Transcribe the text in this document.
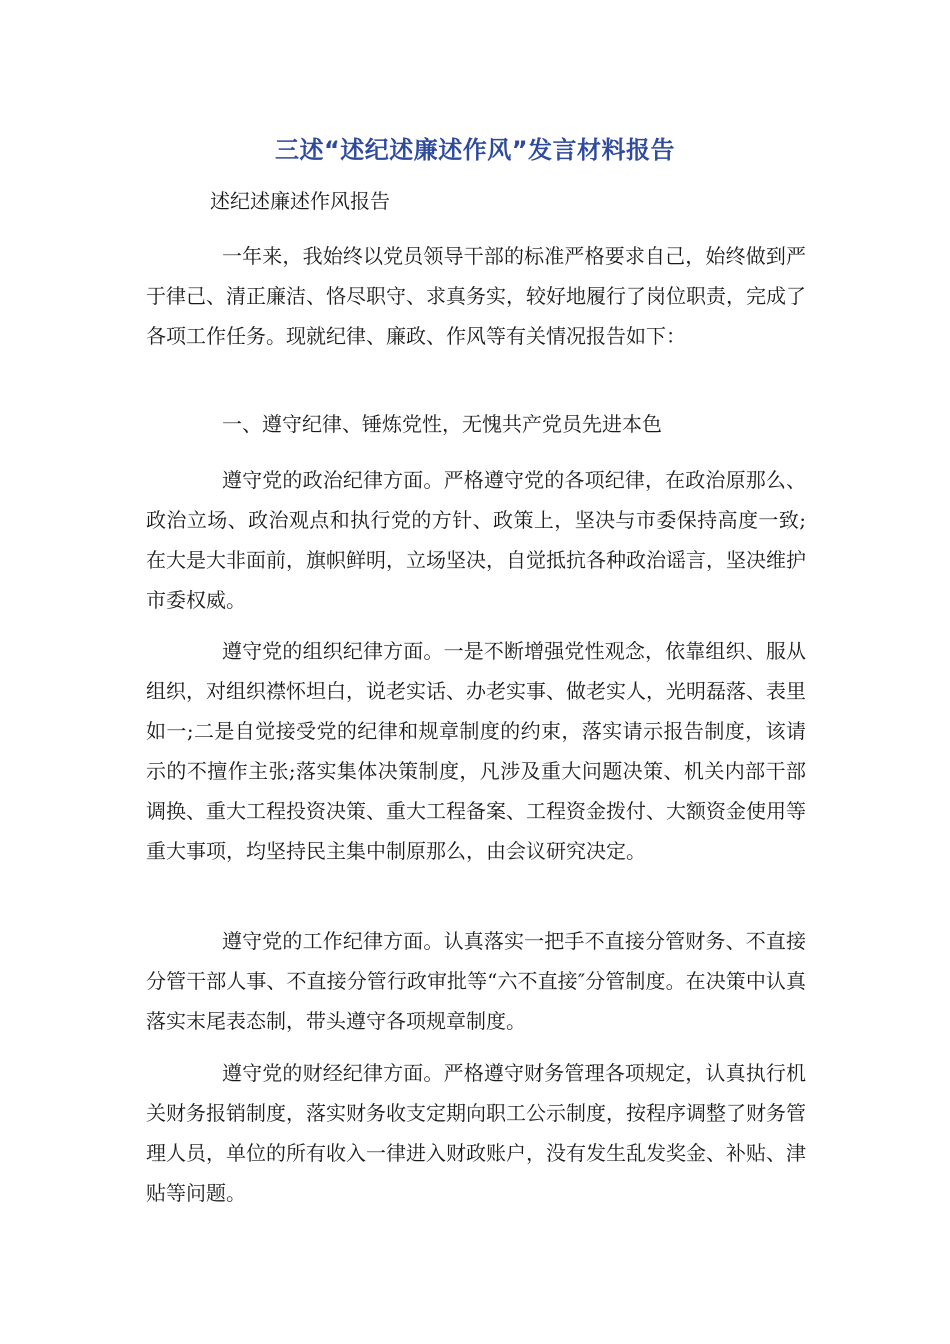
三述“述纪述廉述作风”发言材料报告
述纪述廉述作风报告

一年来，我始终以党员领导干部的标准严格要求自己，始终做到严于律己、清正廉洁、恪尽职守、求真务实，较好地履行了岗位职责，完成了各项工作任务。现就纪律、廉政、作风等有关情况报告如下：

一、遵守纪律、锤炼党性，无愧共产党员先进本色

遵守党的政治纪律方面。严格遵守党的各项纪律，在政治原那么、政治立场、政治观点和执行党的方针、政策上，坚决与市委保持高度一致;在大是大非面前，旗帜鲜明，立场坚决，自觉抵抗各种政治谣言，坚决维护市委权威。

遵守党的组织纪律方面。一是不断增强党性观念，依靠组织、服从组织，对组织襟怀坦白，说老实话、办老实事、做老实人，光明磊落、表里如一;二是自觉接受党的纪律和规章制度的约束，落实请示报告制度，该请示的不擅作主张;落实集体决策制度，凡涉及重大问题决策、机关内部干部调换、重大工程投资决策、重大工程备案、工程资金拨付、大额资金使用等重大事项，均坚持民主集中制原那么，由会议研究决定。

遵守党的工作纪律方面。认真落实一把手不直接分管财务、不直接分管干部人事、不直接分管行政审批等“六不直接″分管制度。在决策中认真落实末尾表态制，带头遵守各项规章制度。

遵守党的财经纪律方面。严格遵守财务管理各项规定，认真执行机关财务报销制度，落实财务收支定期向职工公示制度，按程序调整了财务管理人员，单位的所有收入一律进入财政账户，没有发生乱发奖金、补贴、津贴等问题。
